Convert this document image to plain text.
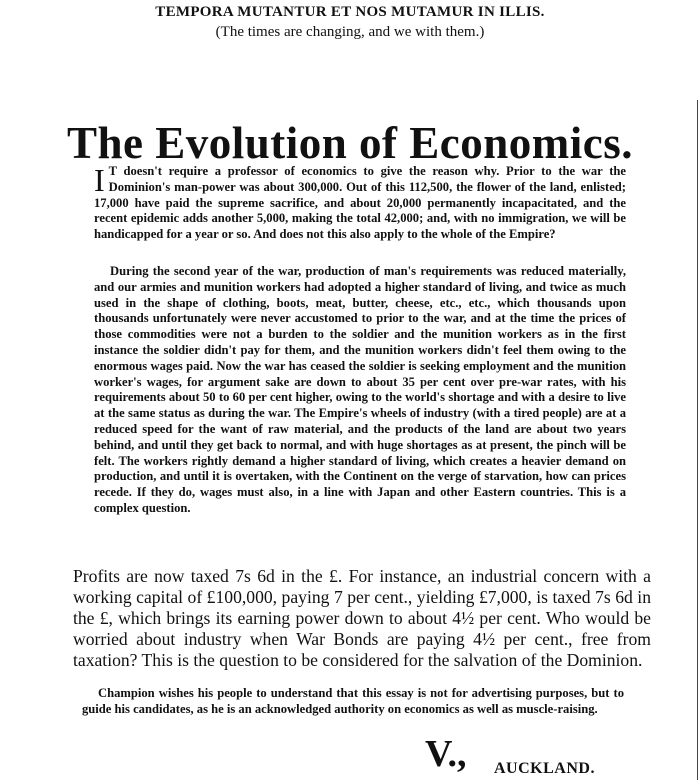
TEMPORA MUTANTUR ET NOS MUTAMUR IN ILLIS.
(The times are changing, and we with them.)
The Evolution of Economics.
I T doesn't require a professor of economics to give the reason why. Prior to the war the Dominion's man-power was about 300,000. Out of this 112,500, the flower of the land, enlisted; 17,000 have paid the supreme sacrifice, and about 20,000 permanently incapacitated, and the recent epidemic adds another 5,000, making the total 42,000; and, with no immigration, we will be handicapped for a year or so. And does not this also apply to the whole of the Empire?
During the second year of the war, production of man's requirements was reduced materially, and our armies and munition workers had adopted a higher standard of living, and twice as much used in the shape of clothing, boots, meat, butter, cheese, etc., etc., which thousands upon thousands unfortunately were never accustomed to prior to the war, and at the time the prices of those commodities were not a burden to the soldier and the munition workers as in the first instance the soldier didn't pay for them, and the munition workers didn't feel them owing to the enormous wages paid. Now the war has ceased the soldier is seeking employment and the munition worker's wages, for argument sake are down to about 35 per cent over pre-war rates, with his requirements about 50 to 60 per cent higher, owing to the world's shortage and with a desire to live at the same status as during the war. The Empire's wheels of industry (with a tired people) are at a reduced speed for the want of raw material, and the products of the land are about two years behind, and until they get back to normal, and with huge shortages as at present, the pinch will be felt. The workers rightly demand a higher standard of living, which creates a heavier demand on production, and until it is overtaken, with the Continent on the verge of starvation, how can prices recede. If they do, wages must also, in a line with Japan and other Eastern countries. This is a complex question.
Profits are now taxed 7s 6d in the £. For instance, an industrial concern with a working capital of £100,000, paying 7 per cent., yielding £7,000, is taxed 7s 6d in the £, which brings its earning power down to about 4½ per cent. Who would be worried about industry when War Bonds are paying 4½ per cent., free from taxation? This is the question to be considered for the salvation of the Dominion.
Champion wishes his people to understand that this essay is not for advertising purposes, but to guide his candidates, as he is an acknowledged authority on economics as well as muscle-raising.
V., AUCKLAND.
